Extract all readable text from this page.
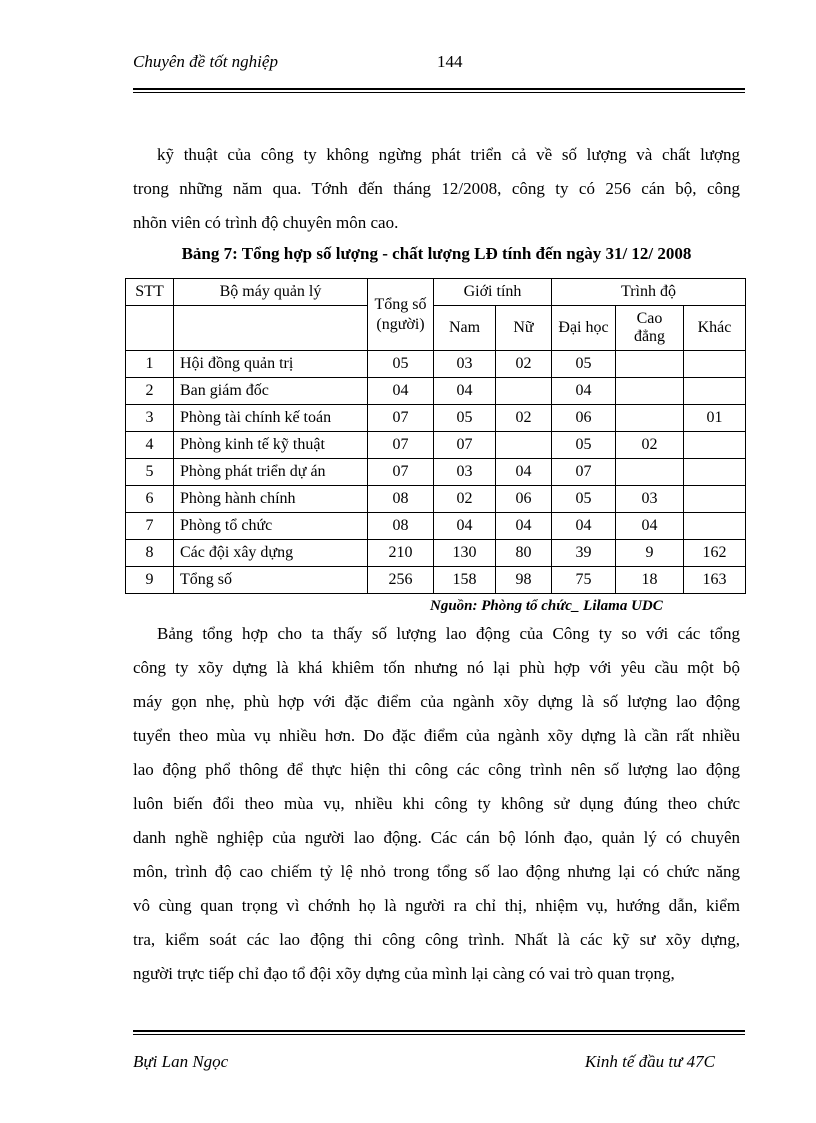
Chuyên đề tốt nghiệp	144
kỹ thuật của công ty không ngừng phát triển cả về số lượng và chất lượng
trong những năm qua. Tớnh đến tháng 12/2008, công ty có 256 cán bộ, công
nhõn viên có trình độ chuyên môn cao.
Bảng 7: Tổng hợp số lượng - chất lượng LĐ tính đến ngày 31/ 12/ 2008
STT	Bộ máy quản lý	Tổng số (người)	Giới tính		Trình độ		
			Nam	Nữ	Đại học	Cao đẳng	Khác
1	Hội đồng quản trị	05	03	02	05		
2	Ban giám đốc	04	04		04		
3	Phòng tài chính kế toán	07	05	02	06		01
4	Phòng kinh tế kỹ thuật	07	07		05	02	
5	Phòng phát triển dự án	07	03	04	07		
6	Phòng hành chính	08	02	06	05	03	
7	Phòng tổ chức	08	04	04	04	04	
8	Các đội xây dựng	210	130	80	39	9	162
9	Tổng số	256	158	98	75	18	163
Nguồn: Phòng tổ chức_ Lilama UDC
Bảng tổng hợp cho ta thấy số lượng lao động của Công ty so với các tổng
công ty xõy dựng là khá khiêm tốn nhưng nó lại phù hợp với yêu cầu một bộ
máy gọn nhẹ, phù hợp với đặc điểm của ngành xõy dựng là số lượng lao động
tuyển theo mùa vụ nhiều hơn. Do đặc điểm của ngành xõy dựng là cần rất nhiều
lao động phổ thông để thực hiện thi công các công trình nên số lượng lao động
luôn biến đổi theo mùa vụ, nhiều khi công ty không sử dụng đúng theo chức
danh nghề nghiệp của người lao động. Các cán bộ lónh đạo, quản lý có chuyên
môn, trình độ cao chiếm tỷ lệ nhỏ trong tổng số lao động nhưng lại có chức năng
vô cùng quan trọng vì chớnh họ là người ra chỉ thị, nhiệm vụ, hướng dẫn, kiểm
tra, kiểm soát các lao động thi công công trình. Nhất là các kỹ sư xõy dựng,
người trực tiếp chỉ đạo tổ đội xõy dựng của mình lại càng có vai trò quan trọng,
Bựi Lan Ngọc	Kinh tế đầu tư 47C
